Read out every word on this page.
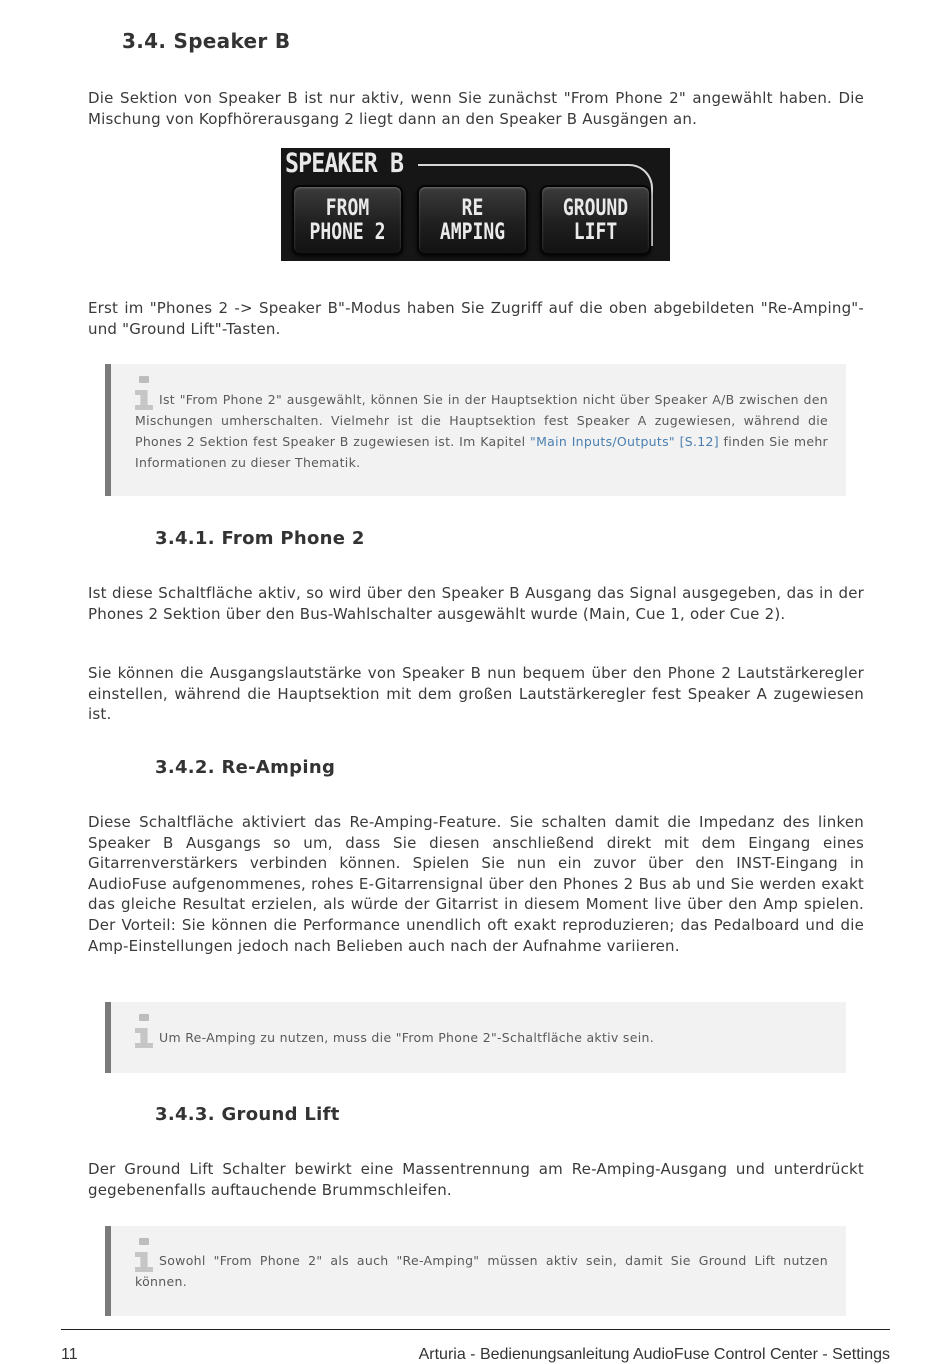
3.4. Speaker B

Die Sektion von Speaker B ist nur aktiv, wenn Sie zunächst "From Phone 2" angewählt haben. Die Mischung von Kopfhörerausgang 2 liegt dann an den Speaker B Ausgängen an.

SPEAKER B
FROM
PHONE 2
RE
AMPING
GROUND
LIFT

Erst im "Phones 2 -> Speaker B"-Modus haben Sie Zugriff auf die oben abgebildeten "Re-Amping"- und "Ground Lift"-Tasten.

Ist "From Phone 2" ausgewählt, können Sie in der Hauptsektion nicht über Speaker A/B zwischen den Mischungen umherschalten. Vielmehr ist die Hauptsektion fest Speaker A zugewiesen, während die Phones 2 Sektion fest Speaker B zugewiesen ist. Im Kapitel "Main Inputs/Outputs" [S.12] finden Sie mehr Informationen zu dieser Thematik.
3.4.1. From Phone 2

Ist diese Schaltfläche aktiv, so wird über den Speaker B Ausgang das Signal ausgegeben, das in der Phones 2 Sektion über den Bus-Wahlschalter ausgewählt wurde (Main, Cue 1, oder Cue 2).

Sie können die Ausgangslautstärke von Speaker B nun bequem über den Phone 2 Lautstärkeregler einstellen, während die Hauptsektion mit dem großen Lautstärkeregler fest Speaker A zugewiesen ist.

3.4.2. Re-Amping

Diese Schaltfläche aktiviert das Re-Amping-Feature. Sie schalten damit die Impedanz des linken Speaker B Ausgangs so um, dass Sie diesen anschließend direkt mit dem Eingang eines Gitarrenverstärkers verbinden können. Spielen Sie nun ein zuvor über den INST-Eingang in AudioFuse aufgenommenes, rohes E-Gitarrensignal über den Phones 2 Bus ab und Sie werden exakt das gleiche Resultat erzielen, als würde der Gitarrist in diesem Moment live über den Amp spielen. Der Vorteil: Sie können die Performance unendlich oft exakt reproduzieren; das Pedalboard und die Amp-Einstellungen jedoch nach Belieben auch nach der Aufnahme variieren.

Um Re-Amping zu nutzen, muss die "From Phone 2"-Schaltfläche aktiv sein.
3.4.3. Ground Lift

Der Ground Lift Schalter bewirkt eine Massentrennung am Re-Amping-Ausgang und unterdrückt gegebenenfalls auftauchende Brummschleifen.

Sowohl "From Phone 2" als auch "Re-Amping" müssen aktiv sein, damit Sie Ground Lift nutzen können.
11	Arturia - Bedienungsanleitung AudioFuse Control Center - Settings
